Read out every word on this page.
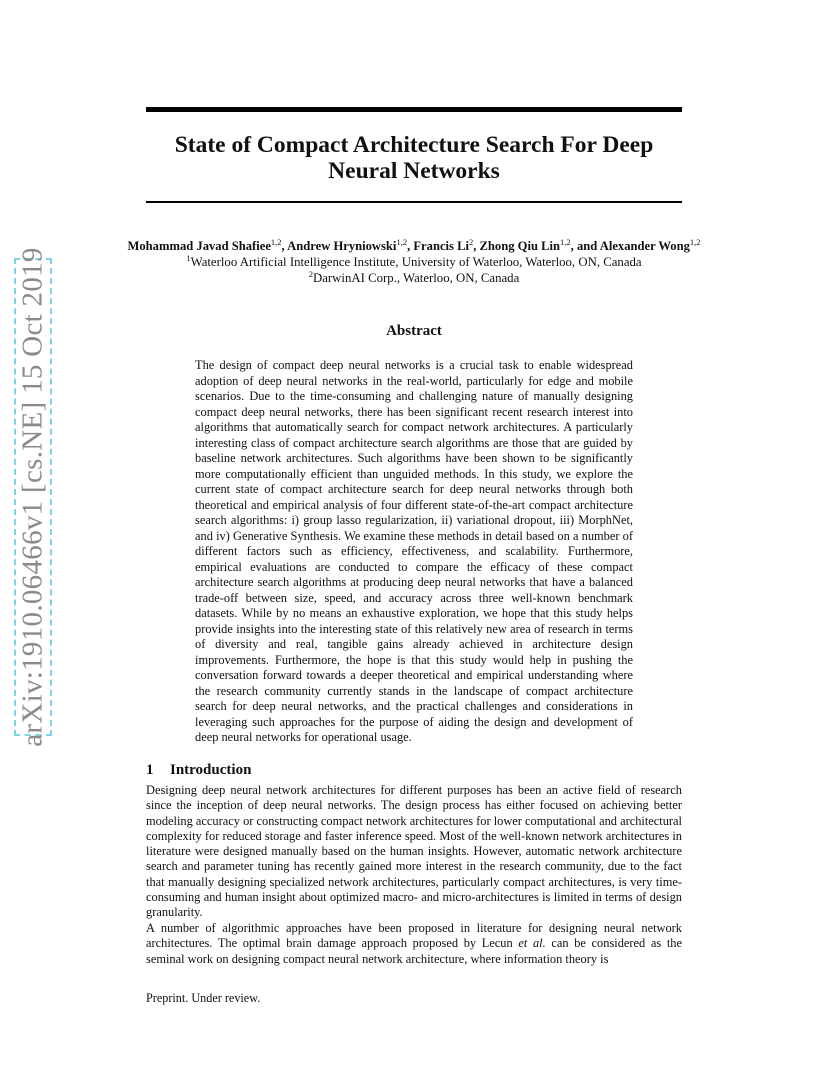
arXiv:1910.06466v1 [cs.NE] 15 Oct 2019
State of Compact Architecture Search For Deep Neural Networks
Mohammad Javad Shafiee$^{1,2}$, Andrew Hryniowski$^{1,2}$, Francis Li$^2$, Zhong Qiu Lin$^{1,2}$, and Alexander Wong$^{1,2}$
$^1$Waterloo Artificial Intelligence Institute, University of Waterloo, Waterloo, ON, Canada
$^2$DarwinAI Corp., Waterloo, ON, Canada
Abstract
The design of compact deep neural networks is a crucial task to enable widespread adoption of deep neural networks in the real-world, particularly for edge and mobile scenarios. Due to the time-consuming and challenging nature of manually designing compact deep neural networks, there has been significant recent research interest into algorithms that automatically search for compact network architectures. A particularly interesting class of compact architecture search algorithms are those that are guided by baseline network architectures. Such algorithms have been shown to be significantly more computationally efficient than unguided methods. In this study, we explore the current state of compact architecture search for deep neural networks through both theoretical and empirical analysis of four different state-of-the-art compact architecture search algorithms: i) group lasso regularization, ii) variational dropout, iii) MorphNet, and iv) Generative Synthesis. We examine these methods in detail based on a number of different factors such as efficiency, effectiveness, and scalability. Furthermore, empirical evaluations are conducted to compare the efficacy of these compact architecture search algorithms at producing deep neural networks that have a balanced trade-off between size, speed, and accuracy across three well-known benchmark datasets. While by no means an exhaustive exploration, we hope that this study helps provide insights into the interesting state of this relatively new area of research in terms of diversity and real, tangible gains already achieved in architecture design improvements. Furthermore, the hope is that this study would help in pushing the conversation forward towards a deeper theoretical and empirical understanding where the research community currently stands in the landscape of compact architecture search for deep neural networks, and the practical challenges and considerations in leveraging such approaches for the purpose of aiding the design and development of deep neural networks for operational usage.
1 Introduction
Designing deep neural network architectures for different purposes has been an active field of research since the inception of deep neural networks. The design process has either focused on achieving better modeling accuracy or constructing compact network architectures for lower computational and architectural complexity for reduced storage and faster inference speed. Most of the well-known network architectures in literature were designed manually based on the human insights. However, automatic network architecture search and parameter tuning has recently gained more interest in the research community, due to the fact that manually designing specialized network architectures, particularly compact architectures, is very time-consuming and human insight about optimized macro- and micro-architectures is limited in terms of design granularity.
A number of algorithmic approaches have been proposed in literature for designing neural network architectures. The optimal brain damage approach proposed by Lecun et al. can be considered as the seminal work on designing compact neural network architecture, where information theory is
Preprint. Under review.
